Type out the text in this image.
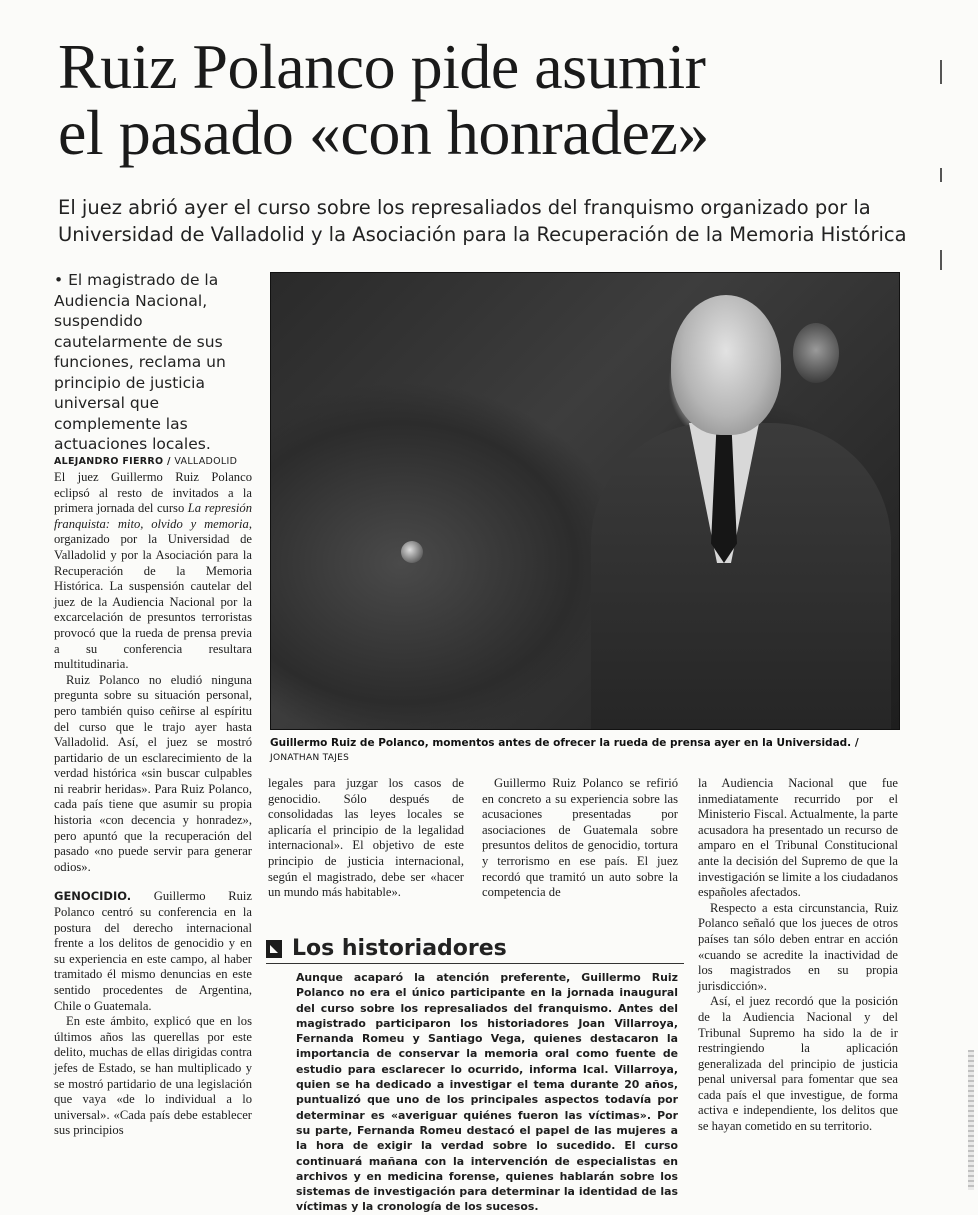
Ruiz Polanco pide asumir
el pasado «con honradez»

El juez abrió ayer el curso sobre los represaliados del franquismo organizado por la
Universidad de Valladolid y la Asociación para la Recuperación de la Memoria Histórica

• El magistrado de la Audiencia Nacional, suspendido cautelarmente de sus funciones, reclama un principio de justicia universal que complemente las actuaciones locales.

Guillermo Ruiz de Polanco, momentos antes de ofrecer la rueda de prensa ayer en la Universidad. / JONATHAN TAJES

ALEJANDRO FIERRO / VALLADOLID

El juez Guillermo Ruiz Polanco eclipsó al resto de invitados a la primera jornada del curso La represión franquista: mito, olvido y memoria, organizado por la Universidad de Valladolid y por la Asociación para la Recuperación de la Memoria Histórica. La suspensión cautelar del juez de la Audiencia Nacional por la excarcelación de presuntos terroristas provocó que la rueda de prensa previa a su conferencia resultara multitudinaria.

Ruiz Polanco no eludió ninguna pregunta sobre su situación personal, pero también quiso ceñirse al espíritu del curso que le trajo ayer hasta Valladolid. Así, el juez se mostró partidario de un esclarecimiento de la verdad histórica «sin buscar culpables ni reabrir heridas». Para Ruiz Polanco, cada país tiene que asumir su propia historia «con decencia y honradez», pero apuntó que la recuperación del pasado «no puede servir para generar odios».

GENOCIDIO. Guillermo Ruiz Polanco centró su conferencia en la postura del derecho internacional frente a los delitos de genocidio y en su experiencia en este campo, al haber tramitado él mismo denuncias en este sentido procedentes de Argentina, Chile o Guatemala.

En este ámbito, explicó que en los últimos años las querellas por este delito, muchas de ellas dirigidas contra jefes de Estado, se han multiplicado y se mostró partidario de una legislación que vaya «de lo individual a lo universal». «Cada país debe establecer sus principios

legales para juzgar los casos de genocidio. Sólo después de consolidadas las leyes locales se aplicaría el principio de la legalidad internacional». El objetivo de este principio de justicia internacional, según el magistrado, debe ser «hacer un mundo más habitable».

Guillermo Ruiz Polanco se refirió en concreto a su experiencia sobre las acusaciones presentadas por asociaciones de Guatemala sobre presuntos delitos de genocidio, tortura y terrorismo en ese país. El juez recordó que tramitó un auto sobre la competencia de

la Audiencia Nacional que fue inmediatamente recurrido por el Ministerio Fiscal. Actualmente, la parte acusadora ha presentado un recurso de amparo en el Tribunal Constitucional ante la decisión del Supremo de que la investigación se limite a los ciudadanos españoles afectados.

Respecto a esta circunstancia, Ruiz Polanco señaló que los jueces de otros países tan sólo deben entrar en acción «cuando se acredite la inactividad de los magistrados en su propia jurisdicción».

Así, el juez recordó que la posición de la Audiencia Nacional y del Tribunal Supremo ha sido la de ir restringiendo la aplicación generalizada del principio de justicia penal universal para fomentar que sea cada país el que investigue, de forma activa e independiente, los delitos que se hayan cometido en su territorio.

Los historiadores

Aunque acaparó la atención preferente, Guillermo Ruiz Polanco no era el único participante en la jornada inaugural del curso sobre los represaliados del franquismo. Antes del magistrado participaron los historiadores Joan Villarroya, Fernanda Romeu y Santiago Vega, quienes destacaron la importancia de conservar la memoria oral como fuente de estudio para esclarecer lo ocurrido, informa Ical. Villarroya, quien se ha dedicado a investigar el tema durante 20 años, puntualizó que uno de los principales aspectos todavía por determinar es «averiguar quiénes fueron las víctimas». Por su parte, Fernanda Romeu destacó el papel de las mujeres a la hora de exigir la verdad sobre lo sucedido. El curso continuará mañana con la intervención de especialistas en archivos y en medicina forense, quienes hablarán sobre los sistemas de investigación para determinar la identidad de las víctimas y la cronología de los sucesos.
